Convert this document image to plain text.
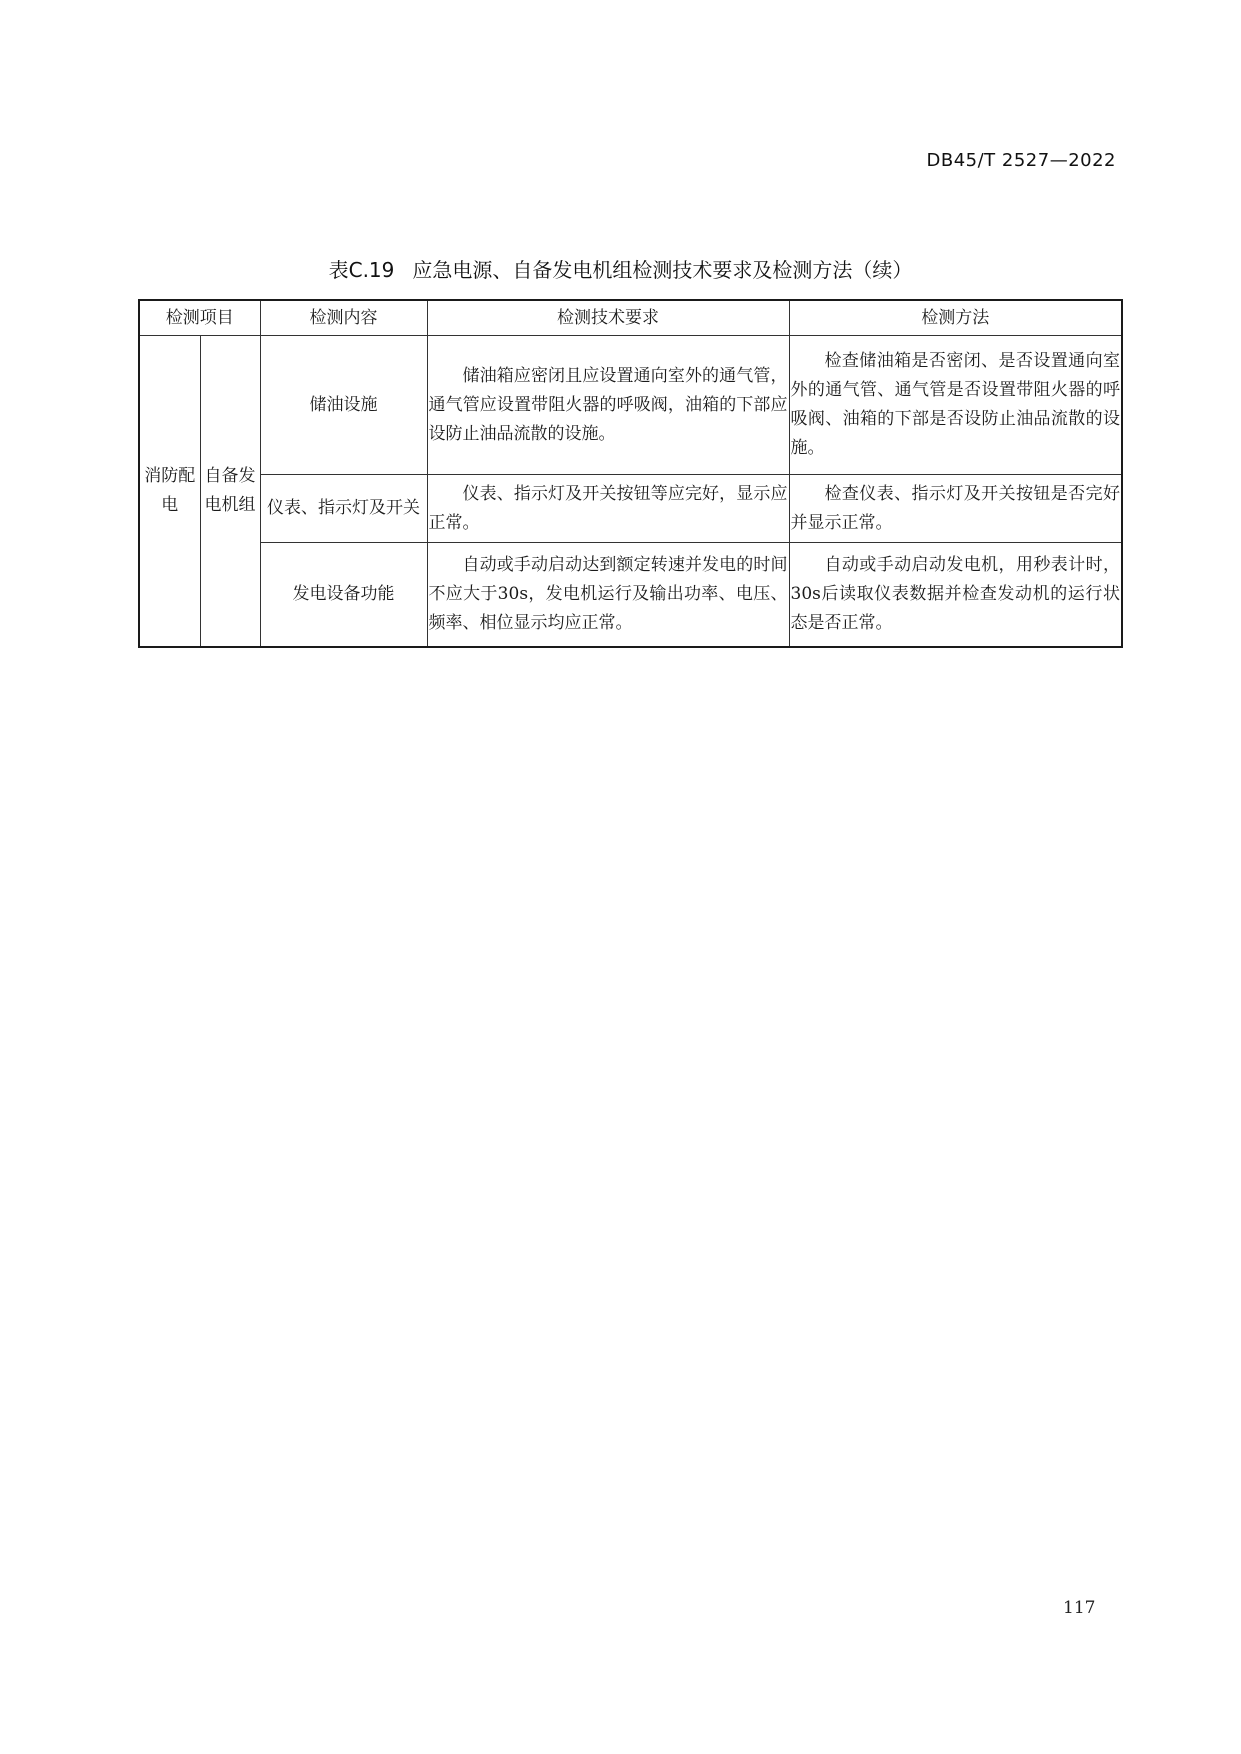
DB45/T 2527—2022
表C.19 应急电源、自备发电机组检测技术要求及检测方法（续）
检测项目		检测内容	检测技术要求	检测方法
消防配电	自备发电机组	储油设施	储油箱应密闭且应设置通向室外的通气管，通气管应设置带阻火器的呼吸阀，油箱的下部应设防止油品流散的设施。	检查储油箱是否密闭、是否设置通向室外的通气管、通气管是否设置带阻火器的呼吸阀、油箱的下部是否设防止油品流散的设施。
		仪表、指示灯及开关	仪表、指示灯及开关按钮等应完好，显示应正常。	检查仪表、指示灯及开关按钮是否完好并显示正常。
		发电设备功能	自动或手动启动达到额定转速并发电的时间不应大于30s，发电机运行及输出功率、电压、频率、相位显示均应正常。	自动或手动启动发电机，用秒表计时，30s后读取仪表数据并检查发动机的运行状态是否正常。
117
